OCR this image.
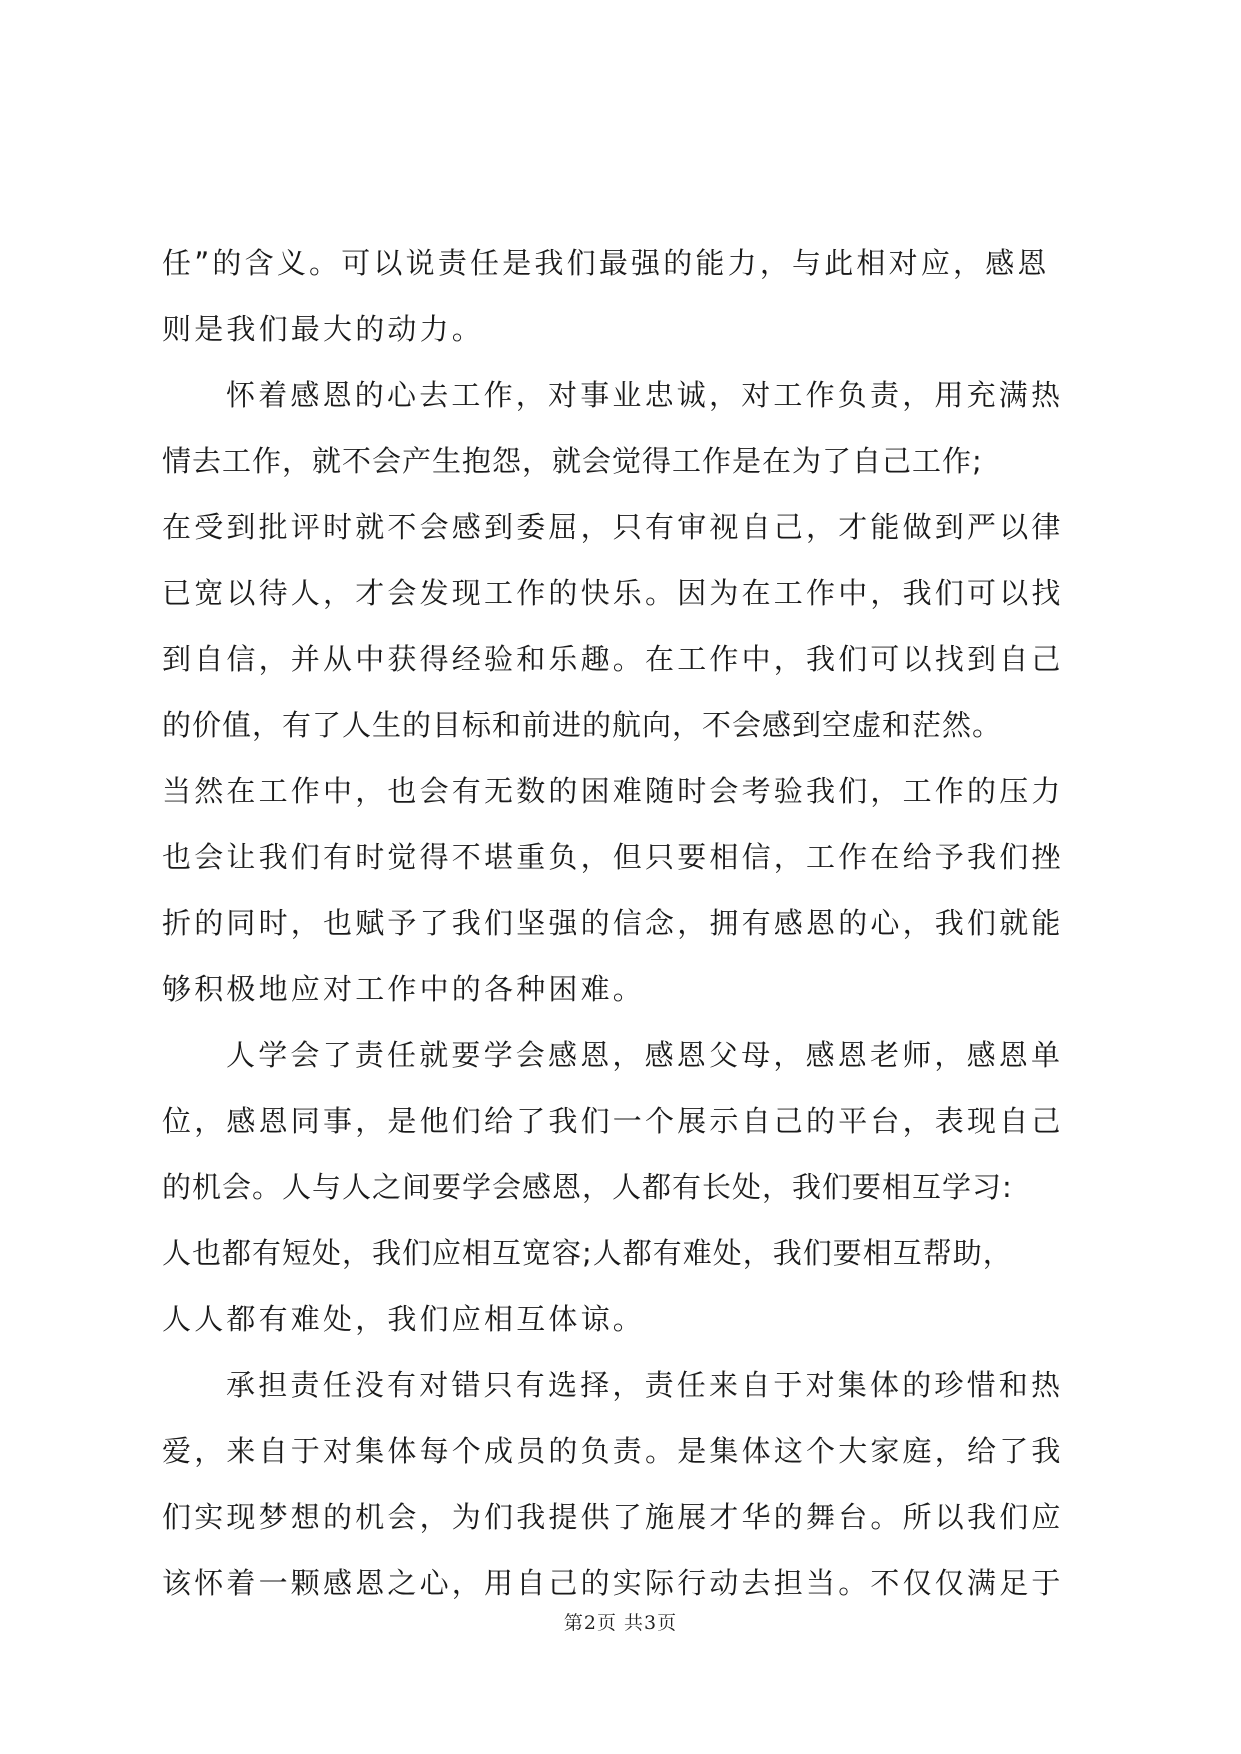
任”的含义。可以说责任是我们最强的能力，与此相对应，感恩
则是我们最大的动力。
怀着感恩的心去工作，对事业忠诚，对工作负责，用充满热
情去工作，就不会产生抱怨，就会觉得工作是在为了自己工作;
在受到批评时就不会感到委屈，只有审视自己，才能做到严以律
已宽以待人，才会发现工作的快乐。因为在工作中，我们可以找
到自信，并从中获得经验和乐趣。在工作中，我们可以找到自己
的价值，有了人生的目标和前进的航向，不会感到空虚和茫然。
当然在工作中，也会有无数的困难随时会考验我们，工作的压力
也会让我们有时觉得不堪重负，但只要相信，工作在给予我们挫
折的同时，也赋予了我们坚强的信念，拥有感恩的心，我们就能
够积极地应对工作中的各种困难。
人学会了责任就要学会感恩，感恩父母，感恩老师，感恩单
位，感恩同事，是他们给了我们一个展示自己的平台，表现自己
的机会。人与人之间要学会感恩，人都有长处，我们要相互学习:
人也都有短处，我们应相互宽容;人都有难处，我们要相互帮助，
人人都有难处，我们应相互体谅。
承担责任没有对错只有选择，责任来自于对集体的珍惜和热
爱，来自于对集体每个成员的负责。是集体这个大家庭，给了我
们实现梦想的机会，为们我提供了施展才华的舞台。所以我们应
该怀着一颗感恩之心，用自己的实际行动去担当。不仅仅满足于
第2页 共3页
